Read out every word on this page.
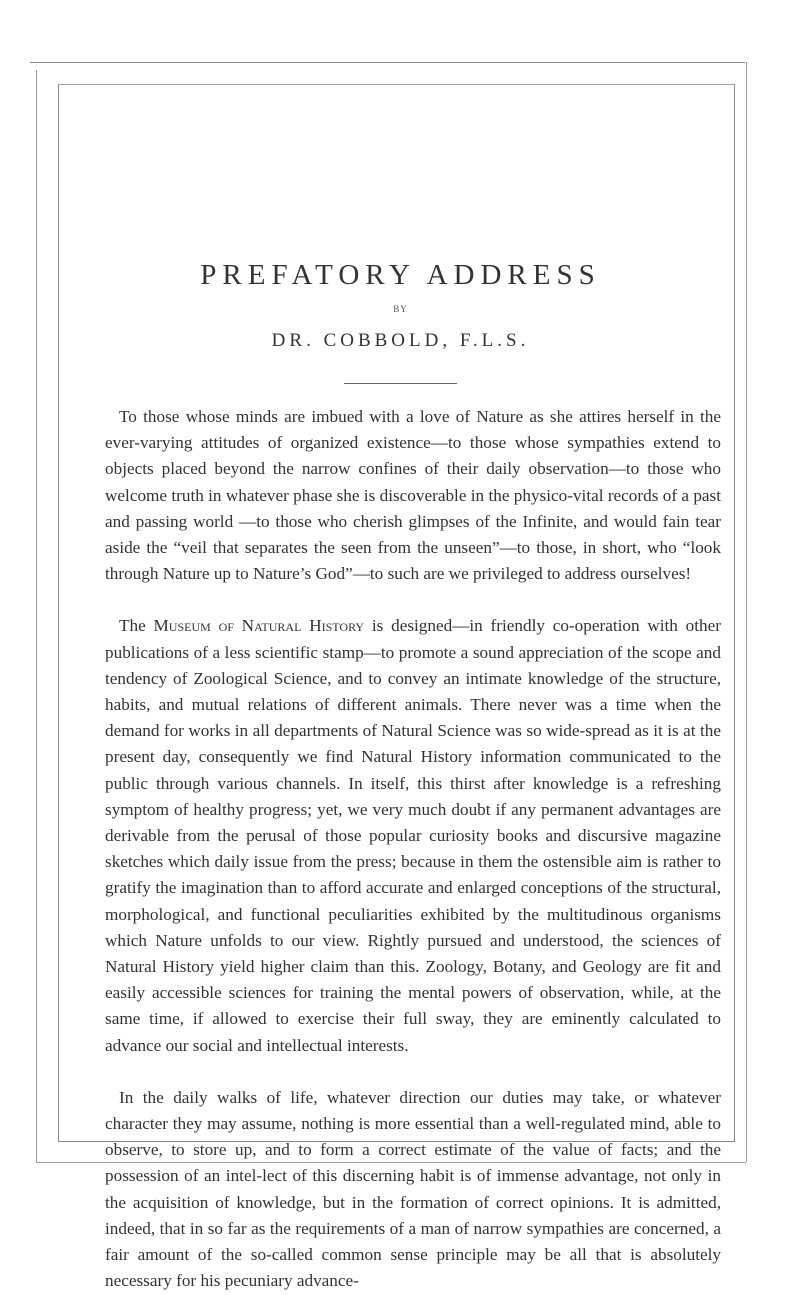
PREFATORY ADDRESS
BY
DR. COBBOLD, F.L.S.

To those whose minds are imbued with a love of Nature as she attires herself in the ever-varying attitudes of organized existence—to those whose sympathies extend to objects placed beyond the narrow confines of their daily observation—to those who welcome truth in whatever phase she is discoverable in the physico-vital records of a past and passing world —to those who cherish glimpses of the Infinite, and would fain tear aside the “veil that separates the seen from the unseen”—to those, in short, who “look through Nature up to Nature’s God”—to such are we privileged to address ourselves!

The Museum of Natural History is designed—in friendly co-operation with other publications of a less scientific stamp—to promote a sound appreciation of the scope and tendency of Zoological Science, and to convey an intimate knowledge of the structure, habits, and mutual relations of different animals. There never was a time when the demand for works in all departments of Natural Science was so wide-spread as it is at the present day, consequently we find Natural History information communicated to the public through various channels. In itself, this thirst after knowledge is a refreshing symptom of healthy progress; yet, we very much doubt if any permanent advantages are derivable from the perusal of those popular curiosity books and discursive magazine sketches which daily issue from the press; because in them the ostensible aim is rather to gratify the imagination than to afford accurate and enlarged conceptions of the structural, morphological, and functional peculiarities exhibited by the multitudinous organisms which Nature unfolds to our view. Rightly pursued and understood, the sciences of Natural History yield higher claim than this. Zoology, Botany, and Geology are fit and easily accessible sciences for training the mental powers of observation, while, at the same time, if allowed to exercise their full sway, they are eminently calculated to advance our social and intellectual interests.

In the daily walks of life, whatever direction our duties may take, or whatever character they may assume, nothing is more essential than a well-regulated mind, able to observe, to store up, and to form a correct estimate of the value of facts; and the possession of an intel-lect of this discerning habit is of immense advantage, not only in the acquisition of knowledge, but in the formation of correct opinions. It is admitted, indeed, that in so far as the requirements of a man of narrow sympathies are concerned, a fair amount of the so-called common sense principle may be all that is absolutely necessary for his pecuniary advance-
